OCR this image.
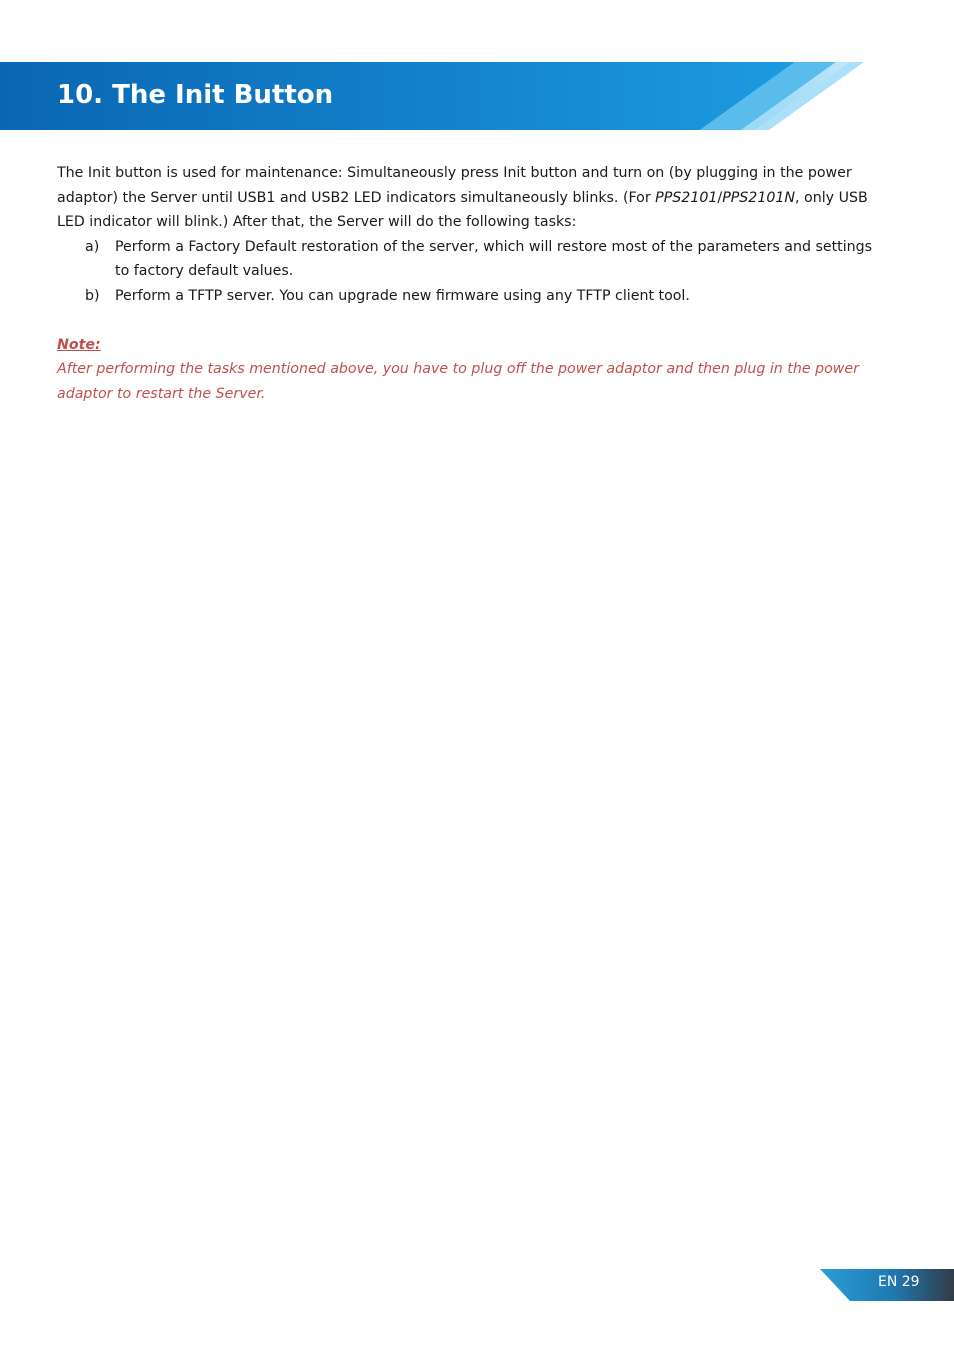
10. The Init Button

The Init button is used for maintenance: Simultaneously press Init button and turn on (by plugging in the power adaptor) the Server until USB1 and USB2 LED indicators simultaneously blinks. (For PPS2101/PPS2101N, only USB LED indicator will blink.) After that, the Server will do the following tasks:

a)	Perform a Factory Default restoration of the server, which will restore most of the parameters and settings to factory default values.
b)	Perform a TFTP server. You can upgrade new firmware using any TFTP client tool.
Note:
After performing the tasks mentioned above, you have to plug off the power adaptor and then plug in the power adaptor to restart the Server.
EN 29
